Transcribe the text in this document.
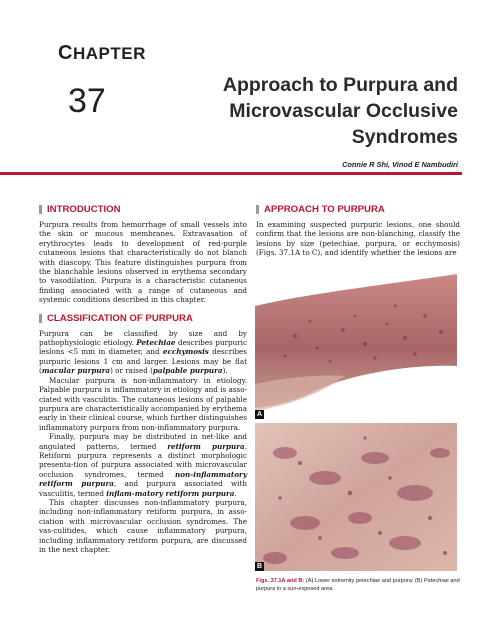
CHAPTER
37	Approach to Purpura and
Microvascular Occlusive
Syndromes
Connie R Shi, Vinod E Nambudiri
INTRODUCTION

Purpura results from hemorrhage of small vessels into the skin or mucous membranes. Extravasation of erythrocytes leads to development of red-purple cutaneous lesions that characteristically do not blanch with diascopy. This feature distinguishes purpura from the blanchable lesions observed in erythema secondary to vasodilation. Purpura is a characteristic cutaneous finding associated with a range of cutaneous and systemic conditions described in this chapter.

CLASSIFICATION OF PURPURA

Purpura can be classified by size and by pathophysiologic etiology. Petechiae describes purpuric lesions <5 mm in diameter, and ecchymosis describes purpuric lesions 1 cm and larger. Lesions may be flat (macular purpura) or raised (palpable purpura).

Macular purpura is non-inflammatory in etiology. Palpable purpura is inflammatory in etiology and is asso-ciated with vasculitis. The cutaneous lesions of palpable purpura are characteristically accompanied by erythema early in their clinical course, which further distinguishes inflammatory purpura from non-inflammatory purpura.

Finally, purpura may be distributed in net-like and angulated patterns, termed retiform purpura. Retiform purpura represents a distinct morphologic presenta-tion of purpura associated with microvascular occlusion syndromes, termed non-inflammatory retiform purpura, and purpura associated with vasculitis, termed inflam-matory retiform purpura.

This chapter discusses non-inflammatory purpura, including non-inflammatory retiform purpura, in asso-ciation with microvascular occlusion syndromes. The vas-culitides, which cause inflammatory purpura, including inflammatory retiform purpura, are discussed in the next chapter.

APPROACH TO PURPURA

In examining suspected purpuric lesions, one should confirm that the lesions are non-blanching, classify the lesions by size (petechiae, purpura, or ecchymosis) (Figs. 37.1A to C), and identify whether the lesions are

A
B
Figs. 37.1A and B: (A) Lower extremity petechiae and purpura; (B) Petechiae and purpura in a sun-exposed area.
